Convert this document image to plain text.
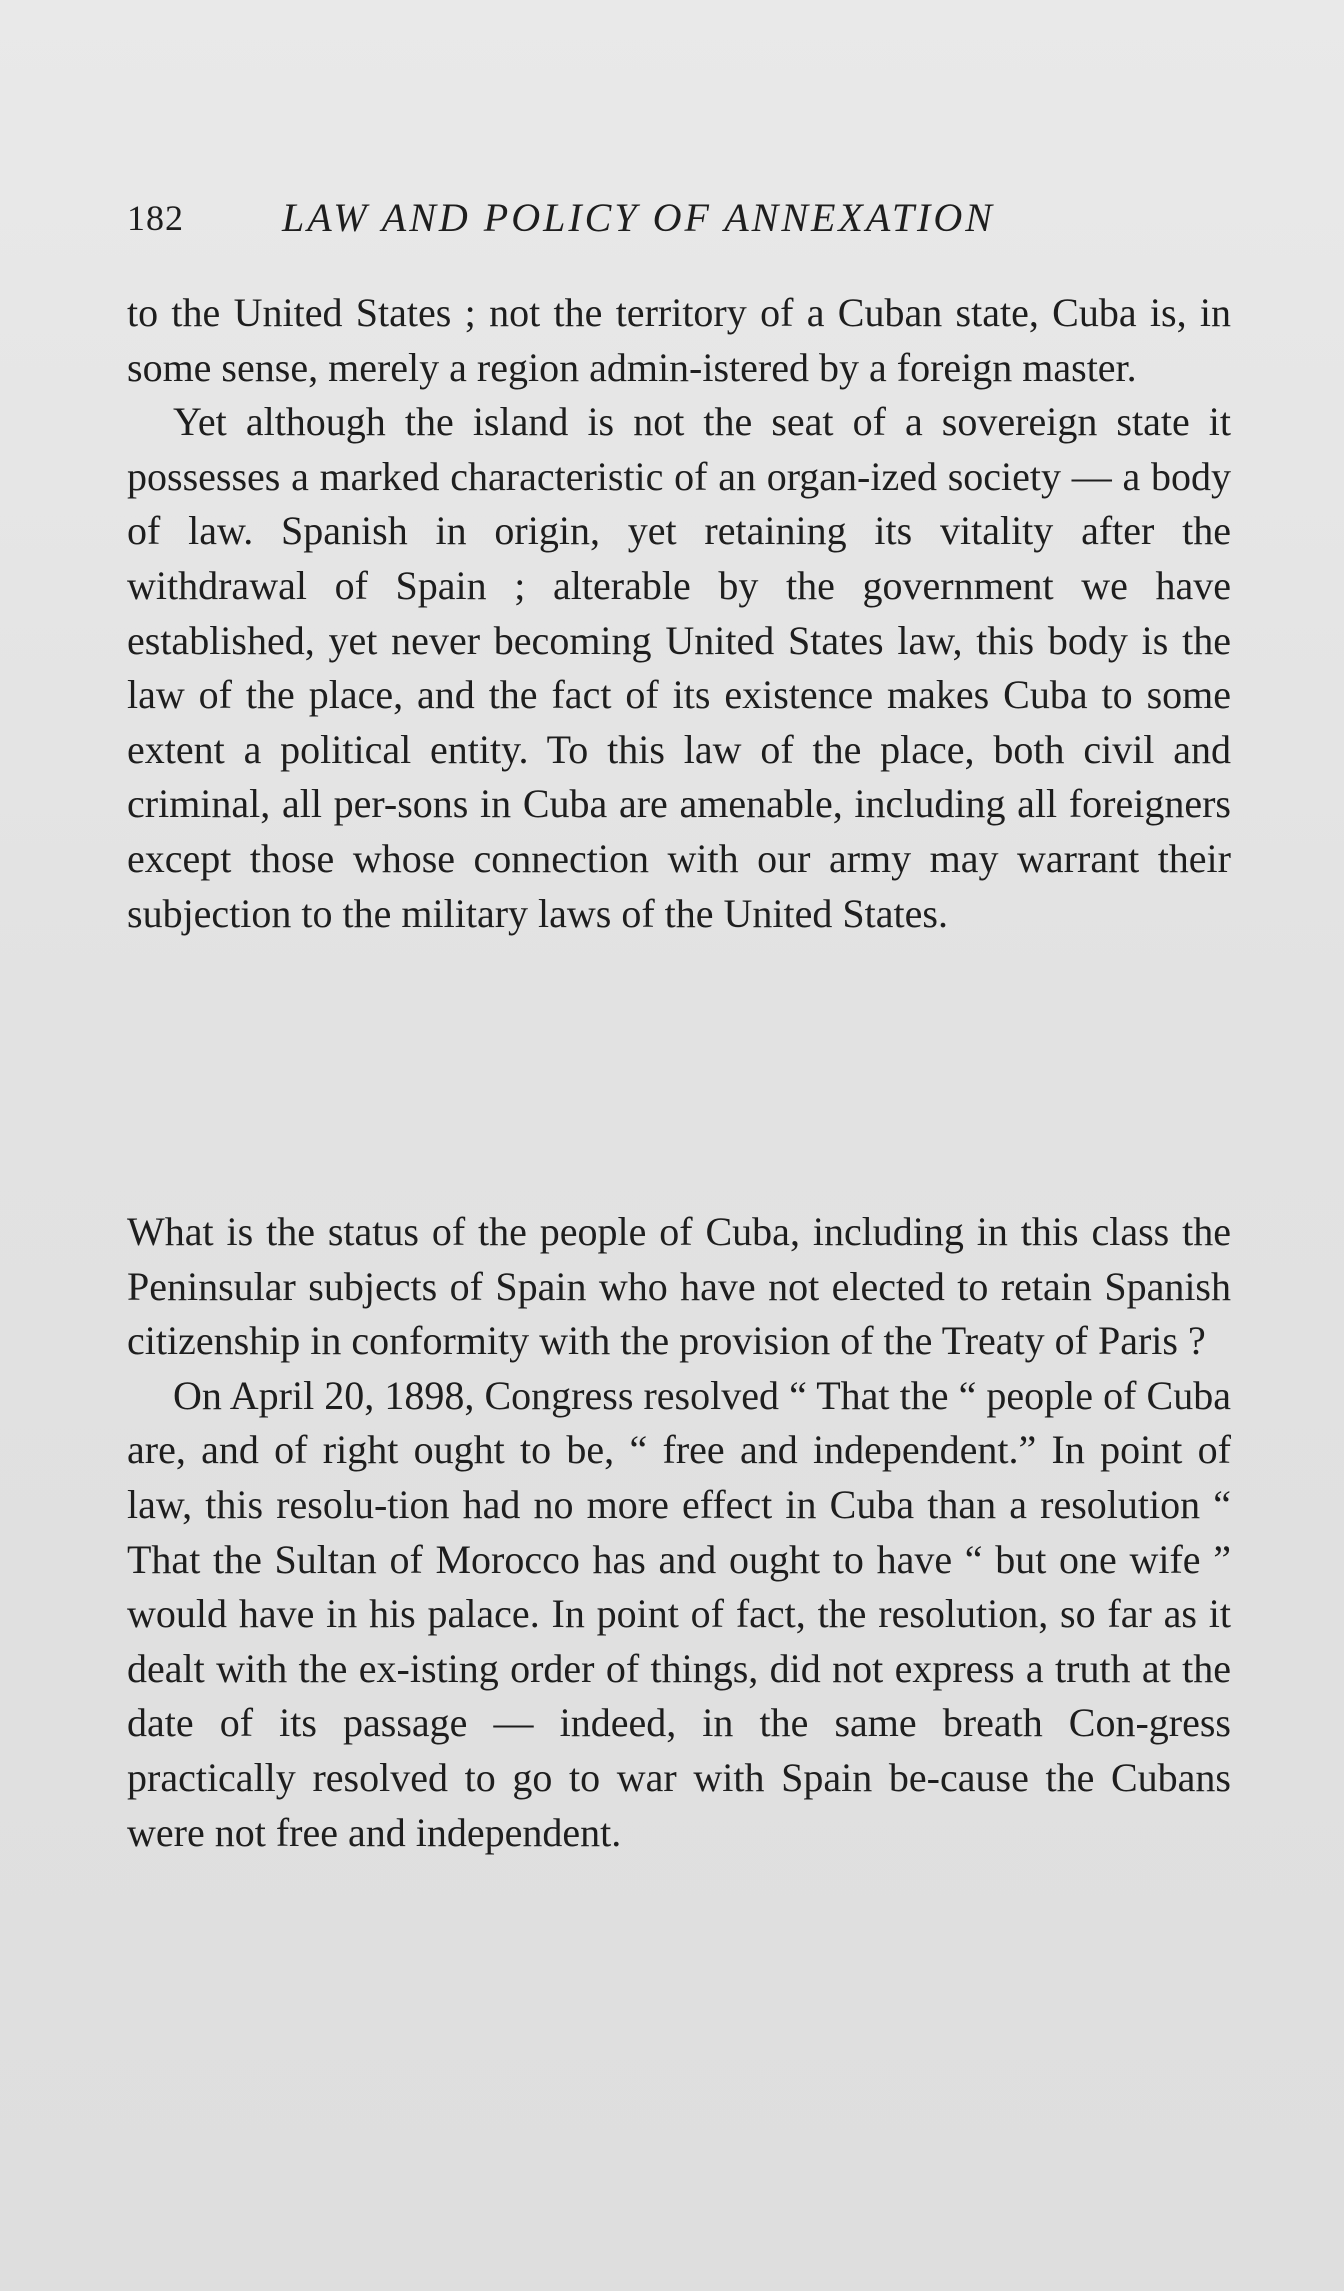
182 LAW AND POLICY OF ANNEXATION

to the United States ; not the territory of a Cuban state, Cuba is, in some sense, merely a region admin-istered by a foreign master.

Yet although the island is not the seat of a sovereign state it possesses a marked characteristic of an organ-ized society — a body of law. Spanish in origin, yet retaining its vitality after the withdrawal of Spain ; alterable by the government we have established, yet never becoming United States law, this body is the law of the place, and the fact of its existence makes Cuba to some extent a political entity. To this law of the place, both civil and criminal, all per-sons in Cuba are amenable, including all foreigners except those whose connection with our army may warrant their subjection to the military laws of the United States.

What is the status of the people of Cuba, including in this class the Peninsular subjects of Spain who have not elected to retain Spanish citizenship in conformity with the provision of the Treaty of Paris ?

On April 20, 1898, Congress resolved “ That the “ people of Cuba are, and of right ought to be, “ free and independent.” In point of law, this resolu-tion had no more effect in Cuba than a resolution “ That the Sultan of Morocco has and ought to have “ but one wife ” would have in his palace. In point of fact, the resolution, so far as it dealt with the ex-isting order of things, did not express a truth at the date of its passage — indeed, in the same breath Con-gress practically resolved to go to war with Spain be-cause the Cubans were not free and independent.
